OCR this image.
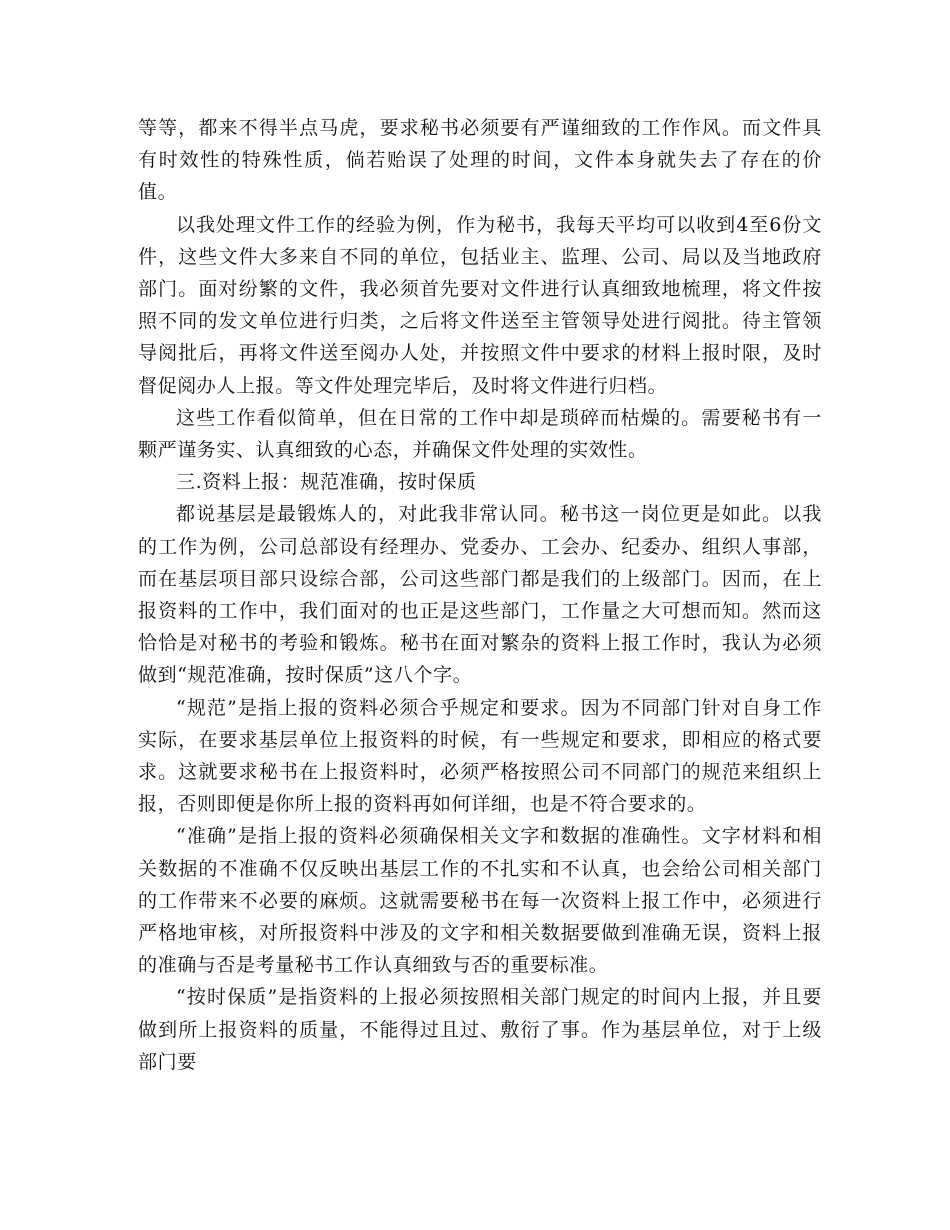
等等，都来不得半点马虎，要求秘书必须要有严谨细致的工作作风。而文件具有时效性的特殊性质，倘若贻误了处理的时间，文件本身就失去了存在的价值。

以我处理文件工作的经验为例，作为秘书，我每天平均可以收到4至6份文件，这些文件大多来自不同的单位，包括业主、监理、公司、局以及当地政府部门。面对纷繁的文件，我必须首先要对文件进行认真细致地梳理，将文件按照不同的发文单位进行归类，之后将文件送至主管领导处进行阅批。待主管领导阅批后，再将文件送至阅办人处，并按照文件中要求的材料上报时限，及时督促阅办人上报。等文件处理完毕后，及时将文件进行归档。

这些工作看似简单，但在日常的工作中却是琐碎而枯燥的。需要秘书有一颗严谨务实、认真细致的心态，并确保文件处理的实效性。

三.资料上报：规范准确，按时保质

都说基层是最锻炼人的，对此我非常认同。秘书这一岗位更是如此。以我的工作为例，公司总部设有经理办、党委办、工会办、纪委办、组织人事部，而在基层项目部只设综合部，公司这些部门都是我们的上级部门。因而，在上报资料的工作中，我们面对的也正是这些部门，工作量之大可想而知。然而这恰恰是对秘书的考验和锻炼。秘书在面对繁杂的资料上报工作时，我认为必须做到“规范准确，按时保质”这八个字。

“规范”是指上报的资料必须合乎规定和要求。因为不同部门针对自身工作实际，在要求基层单位上报资料的时候，有一些规定和要求，即相应的格式要求。这就要求秘书在上报资料时，必须严格按照公司不同部门的规范来组织上报，否则即便是你所上报的资料再如何详细，也是不符合要求的。

“准确”是指上报的资料必须确保相关文字和数据的准确性。文字材料和相关数据的不准确不仅反映出基层工作的不扎实和不认真，也会给公司相关部门的工作带来不必要的麻烦。这就需要秘书在每一次资料上报工作中，必须进行严格地审核，对所报资料中涉及的文字和相关数据要做到准确无误，资料上报的准确与否是考量秘书工作认真细致与否的重要标准。

“按时保质”是指资料的上报必须按照相关部门规定的时间内上报，并且要做到所上报资料的质量，不能得过且过、敷衍了事。作为基层单位，对于上级部门要
